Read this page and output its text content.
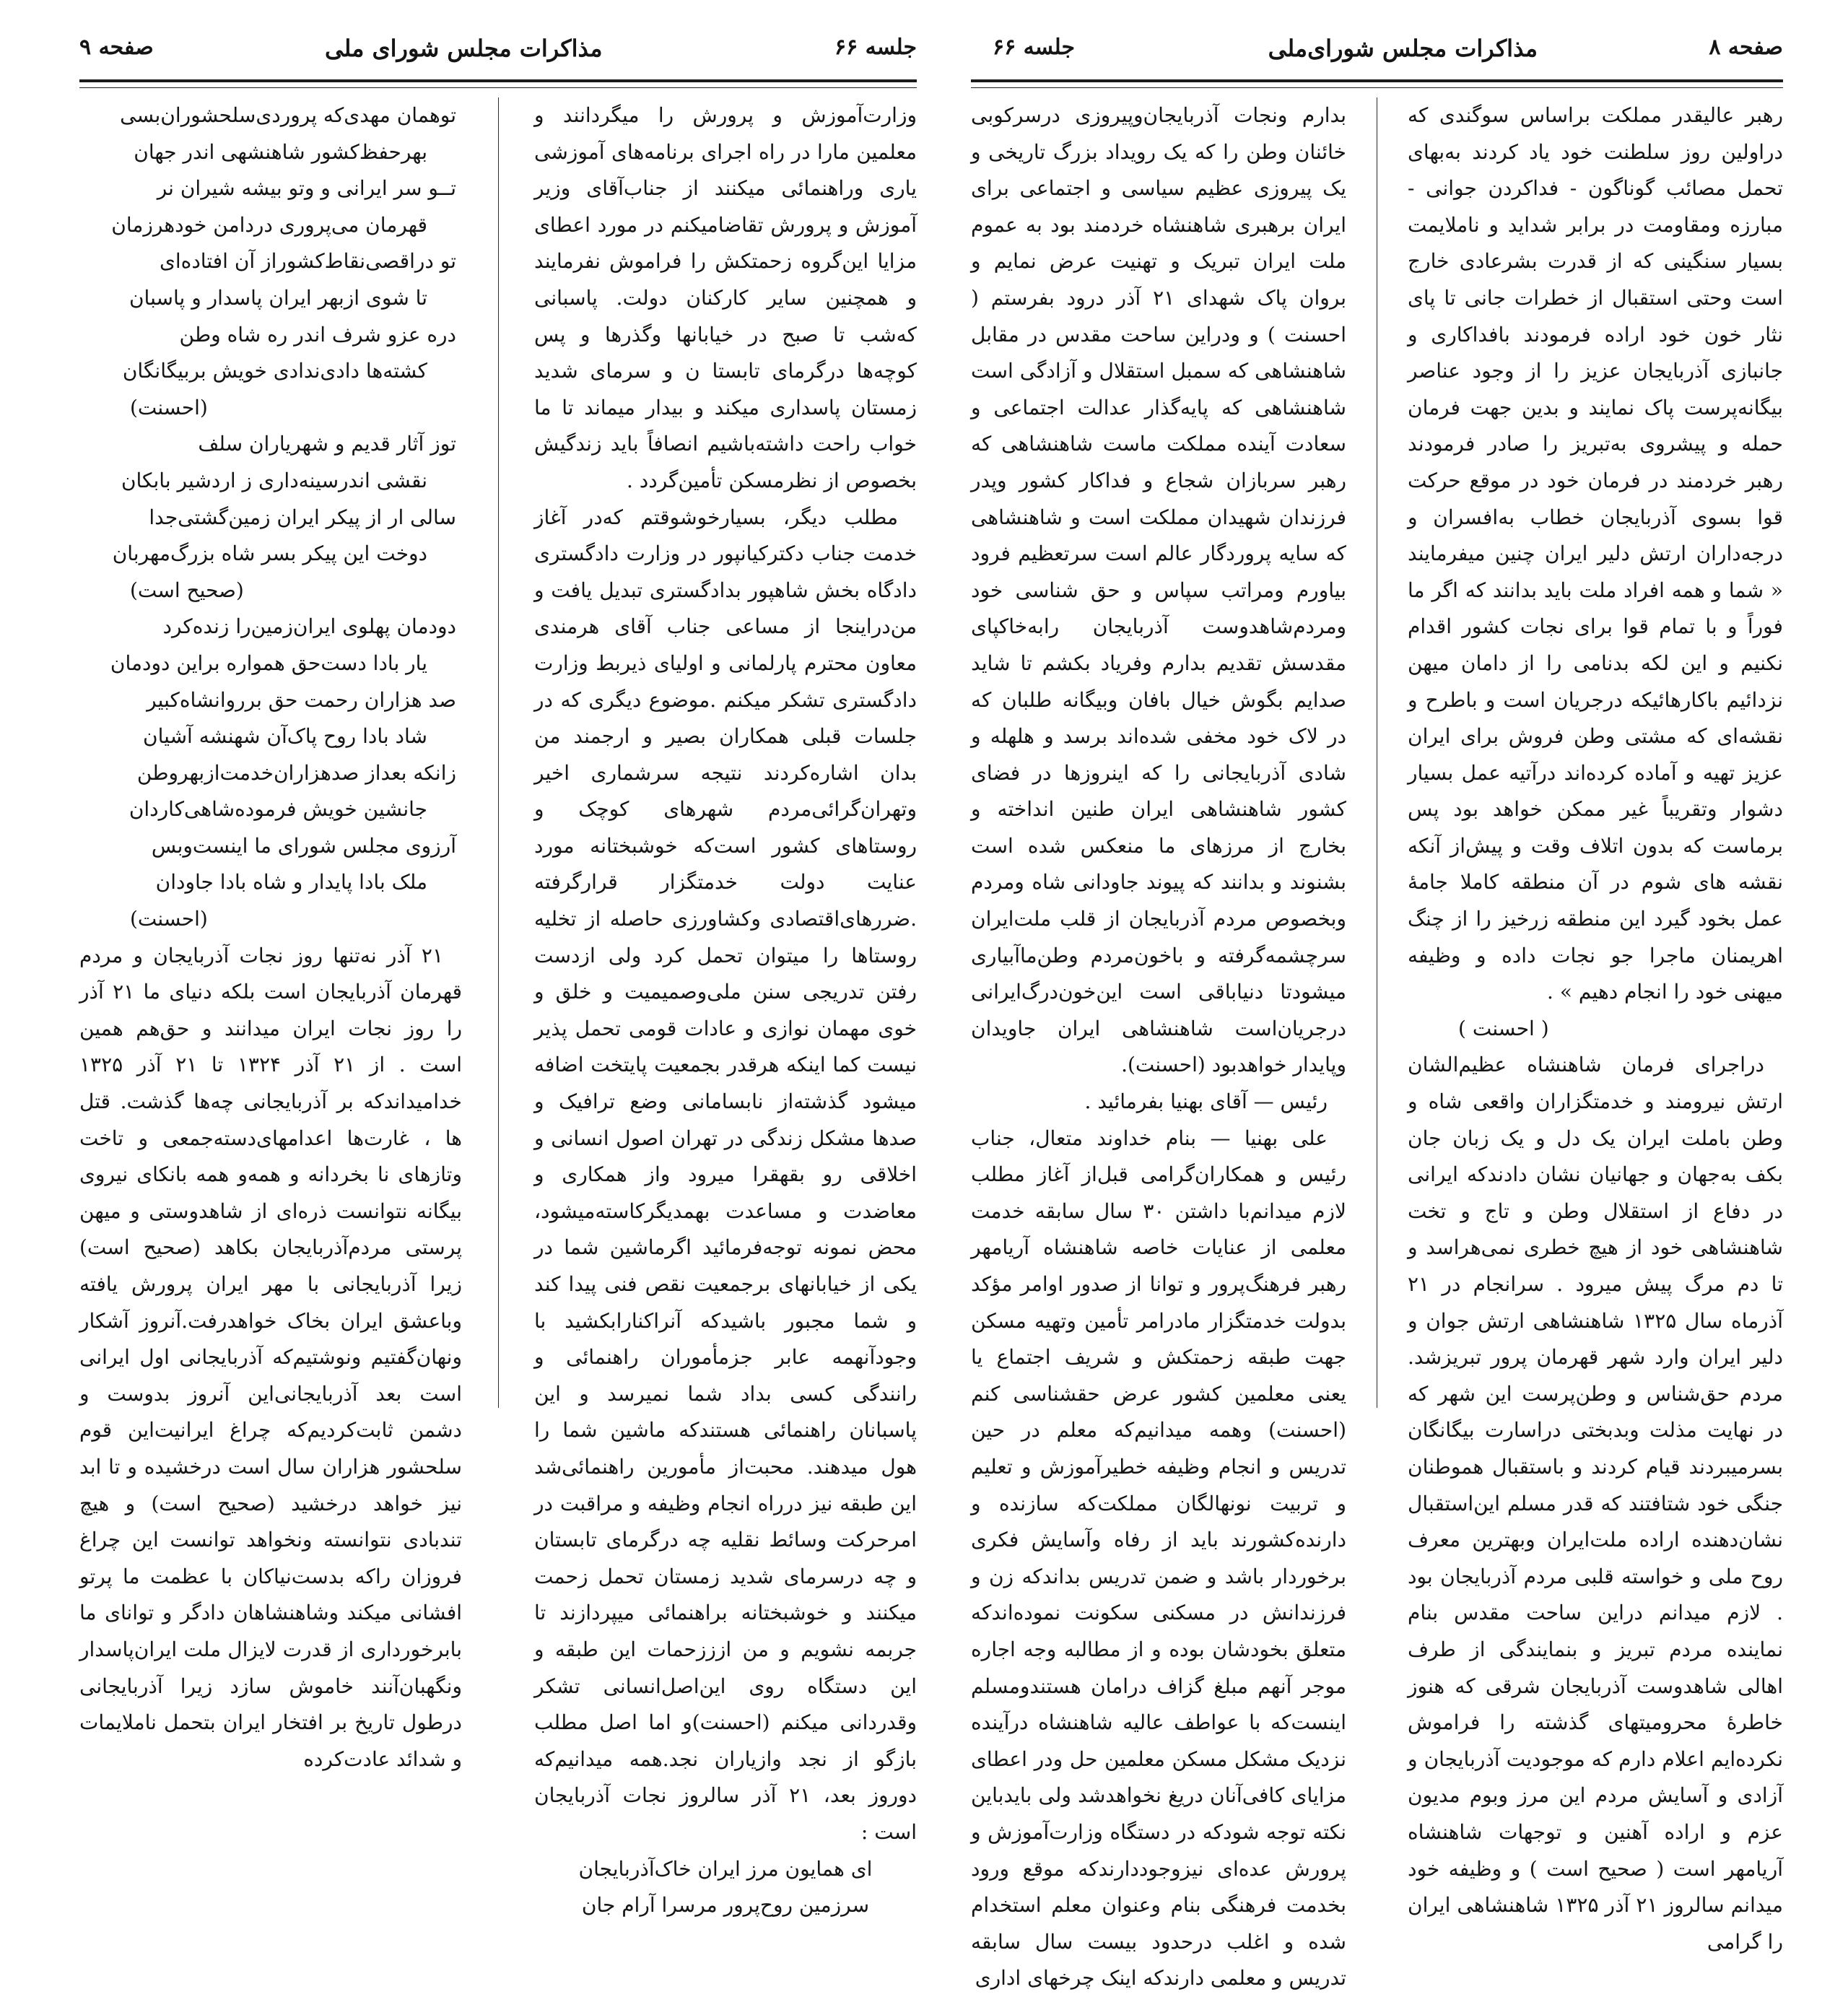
صفحه ۹	مذاکرات مجلس شورای ملی	جلسه ۶۶

وزارت‌آموزش و پرورش را میگردانند و معلمین مارا در راه اجرای برنامه‌های آموزشی یاری وراهنمائی میکنند از جناب‌آقای وزیر آموزش و پرورش تقاضامیکنم در مورد اعطای مزایا این‌گروه زحمتکش را فراموش نفرمایند و همچنین سایر کارکنان دولت. پاسبانی که‌شب تا صبح در خیابانها وگذرها و پس کوچه‌ها درگرمای تابستا ن و سرمای شدید زمستان پاسداری میکند و بیدار میماند تا ما خواب راحت داشته‌باشیم انصافاً باید زندگیش بخصوص از نظرمسکن تأمین‌گردد .

مطلب دیگر، بسیارخوشوقتم که‌در آغاز خدمت جناب دکترکیانپور در وزارت دادگستری دادگاه بخش شاهپور بدادگستری تبدیل یافت و من‌دراینجا از مساعی جناب آقای هرمندی معاون محترم پارلمانی و اولیای ذیربط وزارت دادگستری تشکر میکنم .موضوع دیگری که در جلسات قبلی همکاران بصیر و ارجمند من بدان اشاره‌کردند نتیجه سرشماری اخیر وتهران‌گرائی‌مردم شهرهای کوچک و روستاهای کشور است‌که خوشبختانه مورد عنایت دولت خدمتگزار قرارگرفته .ضررهای‌اقتصادی وکشاورزی حاصله از تخلیه روستاها را میتوان تحمل کرد ولی ازدست رفتن تدریجی سنن ملی‌وصمیمیت و خلق و خوی مهمان نوازی و عادات قومی تحمل پذیر نیست کما اینکه هرقدر بجمعیت پایتخت اضافه میشود گذشته‌از نابسامانی وضع ترافیک و صدها مشکل زندگی در تهران اصول انسانی و اخلاقی رو بقهقرا میرود واز همکاری و معاضدت و مساعدت بهمدیگرکاسته‌میشود، محض نمونه توجه‌فرمائید اگرماشین شما در یکی از خیابانهای برجمعیت نقص فنی پیدا کند و شما مجبور باشیدکه آنراکنارابکشید با وجودآنهمه عابر جزمأموران راهنمائی و رانندگی کسی بداد شما نمیرسد و این پاسبانان راهنمائی هستندکه ماشین شما را هول میدهند. محبت‌از مأمورین راهنمائی‌شد این طبقه نیز درراه انجام وظیفه و مراقبت در امرحرکت وسائط نقلیه چه درگرمای تابستان و چه درسرمای شدید زمستان تحمل زحمت میکنند و خوشبختانه براهنمائی میپردازند تا جربمه نشویم و من ازززحمات این طبقه و این دستگاه روی این‌اصل‌انسانی تشکر وقدردانی میکنم (احسنت)و اما اصل مطلب بازگو از نجد وازیاران نجد.همه میدانیم‌که دوروز بعد، ۲۱ آذر سالروز نجات آذربایجان است :

ای همایون مرز ایران خاک‌آذربایجان

سرزمین روح‌پرور مرسرا آرام جان

تو‌همان مهدی‌که پروردی‌سلحشوران‌بسی

بهرحفظ‌کشور شاهنشهی اندر جهان

تــو سر ایرانی و وتو بیشه شیران نر

قهرمان می‌پروری دردامن خودهرزمان

تو دراقصی‌نقاط‌کشوراز آن افتاده‌ای

تا شوی ازبهر ایران پاسدار و پاسبان

دره عزو شرف اندر ره شاه وطن

کشته‌ها دادی‌ندادی خویش بربیگانگان

(احسنت)

توز آثار قدیم و شهریاران سلف

نقشی اندرسینه‌داری ز اردشیر بابکان

سالی ار از پیکر ایران زمین‌گشتی‌جدا

دوخت این پیکر بسر شاه بزرگ‌مهربان

(صحیح است)

دودمان پهلوی ایران‌زمین‌را زنده‌کرد

یار بادا دست‌حق همواره براین دودمان

صد هزاران رحمت حق برروانشاه‌کبیر

شاد بادا روح پاک‌آن شهنشه آشیان

زانکه بعداز صدهزاران‌خدمت‌ازبهروطن

جانشین خویش فرموده‌شاهی‌کاردان

آرزوی مجلس شورای ما اینست‌وبس

ملک بادا پایدار و شاه بادا جاودان

(احسنت)

۲۱ آذر نه‌تنها روز نجات آذربایجان و مردم قهرمان آذربایجان است بلکه دنیای ما ۲۱ آذر را روز نجات ایران میدانند و حق‌هم همین است . از ۲۱ آذر ۱۳۲۴ تا ۲۱ آذر ۱۳۲۵ خدامیداندکه بر آذربایجانی چه‌ها گذشت. قتل ها ، غارت‌ها اعدامهای‌دسته‌جمعی و تاخت وتازهای نا بخردانه و همه‌و همه بانکای نیروی بیگانه نتوانست ذره‌ای از شاهدوستی و میهن پرستی مردم‌آذربایجان بکاهد (صحیح است) زیرا آذربایجانی با مهر ایران پرورش یافته وباعشق ایران بخاک خواهدرفت.آنروز آشکار ونهان‌گفتیم ونوشتیم‌که آذربایجانی اول ایرانی است بعد آذربایجانی‌این آنروز بدوست و دشمن ثابت‌کردیم‌که چراغ ایرانیت‌این قوم سلحشور هزاران سال است درخشیده و تا ابد نیز خواهد درخشید (صحیح است) و هیچ تندبادی نتوانسته ونخواهد توانست این چراغ فروزان راکه بدست‌نیاکان با عظمت ما پرتو افشانی میکند وشاهنشاهان دادگر و توانای ما بابرخورداری از قدرت لایزال ملت ایران‌پاسدار ونگهبان‌آنند خاموش سازد زیرا آذربایجانی در‌طول تاریخ بر افتخار ایران بتحمل ناملایمات و شدائد عادت‌کرده

صفحه ۸
مذاکرات مجلس شورای‌ملی
جلسه ۶۶

رهبر عالیقدر مملکت براساس سوگندی که دراولین روز سلطنت خود یاد کردند به‌بهای تحمل مصائب گوناگون - فداکردن جوانی - مبارزه ومقاومت در برابر شداید و ناملایمت بسیار سنگینی که از قدرت بشرعادی خارج است وحتی استقبال از خطرات جانی تا پای نثار خون خود اراده فرمودند بافداکاری و جانبازی آذربایجان عزیز را از وجود عناصر بیگانه‌پرست پاک نمایند و بدین جهت فرمان حمله و پیشروی به‌تبریز را صادر فرمودند رهبر خردمند در فرمان خود در موقع حرکت قوا بسوی آذربایجان خطاب به‌افسران و درجه‌داران ارتش دلیر ایران چنین میفرمایند « شما و همه افراد ملت باید بدانند که اگر ما فوراً و با تمام قوا برای نجات کشور اقدام نکنیم و این لکه بدنامی را از دامان میهن نزدائیم باکارهائیکه درجریان است و باطرح و نقشه‌ای که مشتی وطن فروش برای ایران عزیز تهیه و آماده کرده‌اند درآتیه عمل بسیار دشوار وتقریباً غیر ممکن خواهد بود پس برماست که بدون اتلاف وقت و پیش‌از آنکه نقشه های شوم در آن منطقه کاملا جامهٔ عمل بخود گیرد این منطقه زرخیز را از چنگ اهریمنان ماجرا جو نجات داده و وظیفه میهنی خود را انجام دهیم » .

( احسنت )

دراجرای فرمان شاهنشاه عظیم‌الشان ارتش نیرومند و خدمتگزاران واقعی شاه و وطن باملت ایران یک دل و یک زبان جان بکف به‌جهان و جهانیان نشان دادندکه ایرانی در دفاع از استقلال وطن و تاج و تخت شاهنشاهی خود از هیچ خطری نمی‌هراسد و تا دم مرگ پیش میرود . سرانجام در ۲۱ آذرماه سال ۱۳۲۵ شاهنشاهی ارتش جوان و دلیر ایران وارد شهر قهرمان پرور تبریزشد. مردم حق‌شناس و وطن‌پرست این شهر که در نهایت مذلت وبدبختی دراسارت بیگانگان بسرمیبردند قیام کردند و باستقبال هموطنان جنگی خود شتافتند که قدر مسلم این‌استقبال نشان‌دهنده اراده ملت‌ایران وبهترین معرف روح ملی و خواسته قلبی مردم آذربایجان بود . لازم میدانم دراین ساحت مقدس بنام نماینده مردم تبریز و بنمایندگی از طرف اهالی شاهدوست آذربایجان شرقی که هنوز خاطرهٔ محرومیتهای گذشته را فراموش نکرده‌ایم اعلام دارم که موجودیت آذربایجان و آزادی و آسایش مردم این مرز وبوم مدیون عزم و اراده آهنین و توجهات شاهنشاه آریامهر است ( صحیح است ) و وظیفه خود میدانم سالروز ۲۱ آذر ۱۳۲۵ شاهنشاهی ایران را گرامی

بدارم ونجات آذربایجان‌وپیروزی درسرکوبی خائنان وطن را که یک رویداد بزرگ تاریخی و یک پیروزی عظیم سیاسی و اجتماعی برای ایران برهبری شاهنشاه خردمند بود به عموم ملت ایران تبریک و تهنیت عرض نمایم و بروان پاک شهدای ۲۱ آذر درود بفرستم ( احسنت ) و ودراین ساحت مقدس در مقابل شاهنشاهی که سمبل استقلال و آزادگی است شاهنشاهی که پایه‌گذار عدالت اجتماعی و سعادت آینده مملکت ماست شاهنشاهی که رهبر سربازان شجاع و فداکار کشور وپدر فرزندان شهیدان مملکت است و شاهنشاهی که سایه پروردگار عالم است سرتعظیم فرود بیاورم ومراتب سپاس و حق شناسی خود ومردم‌شاهدوست آذربایجان رابه‌خاکپای مقدسش تقدیم بدارم وفریاد بکشم تا شاید صدایم بگوش خیال بافان وبیگانه طلبان که در لاک خود مخفی شده‌اند برسد و هلهله و شادی آذربایجانی را که اینروزها در فضای کشور شاهنشاهی ایران طنین انداخته و بخارج از مرزهای ما منعکس شده است بشنوند و بدانند که پیوند جاودانی شاه ومردم وبخصوص مردم آذربایجان از قلب ملت‌ایران سرچشمه‌گرفته و باخون‌مردم وطن‌ما‌آبیاری میشودتا دنیاباقی است این‌خون‌درگ‌ایرانی درجریان‌است شاهنشاهی ایران جاویدان وپایدار خواهدبود (احسنت).

رئیس — آقای بهنیا بفرمائید .

علی بهنیا — بنام خداوند متعال، جناب رئیس و همکاران‌گرامی قبل‌از آغاز مطلب لازم میدانم‌با داشتن ۳۰ سال سابقه خدمت معلمی از عنایات خاصه شاهنشاه آریامهر رهبر فرهنگ‌پرور و توانا از صدور اوامر مؤکد بدولت خدمتگزار مادرامر تأمین وتهیه مسکن جهت طبقه زحمتکش و شریف اجتماع یا یعنی معلمین کشور عرض حقشناسی کنم (احسنت) وهمه میدانیم‌که معلم در حین تدریس و انجام وظیفه خطیرآموزش و تعلیم و تربیت نونهالگان مملکت‌که سازنده و دارنده‌کشورند باید از رفاه وآسایش فکری برخوردار باشد و ضمن تدریس بداندکه زن و فرزندانش در مسکنی سکونت نموده‌اندکه متعلق بخودشان بوده و از مطالبه وجه اجاره موجر آنهم مبلغ گزاف درامان هستندو‌مسلم اینست‌که با عواطف عالیه شاهنشاه درآینده نزدیک مشکل مسکن معلمین حل ودر اعطای مزایای کافی‌آنان دریغ نخواهدشد ولی بایدباین نکته توجه شود‌که در دستگاه وزارت‌آموزش و پرورش عده‌ای نیزوجوددارندکه موقع ورود بخدمت فرهنگی بنام وعنوان معلم استخدام شده و اغلب درحدود بیست سال سابقه تدریس و معلمی دارندکه اینک چرخهای اداری
